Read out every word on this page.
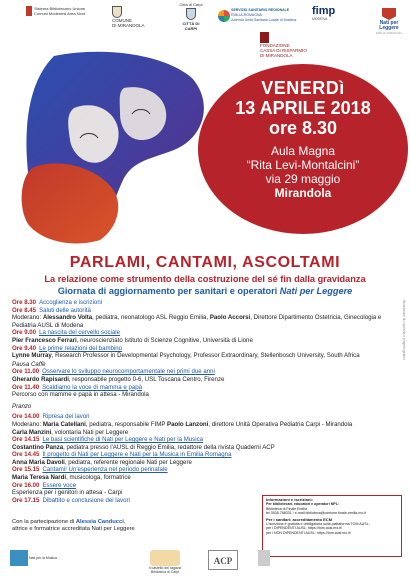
Sistema Bibliotecario Unione Comuni Modenesi Area Nord
COMUNE
DI MIRANDOLA
Città di Carpi
CITTÀ DI CARPI
SERVIZIO SANITARIO REGIONALE
EMILIA-ROMAGNA
Azienda Unità Sanitaria Locale di Modena
fimp
MODENA
Nati per
Leggere
EMILIA-ROMAGNA
FONDAZIONE
CASSA DI RISPARMIO
DI MIRANDOLA
VENERDì
13 APRILE 2018
ore 8.30
Aula Magna
“Rita Levi-Montalcini”
via 29 maggio
Mirandola
PARLAMI, CANTAMI, ASCOLTAMI
La relazione come strumento della costruzione del sé fin dalla gravidanza
Giornata di aggiornamento per sanitari e operatori Nati per Leggere
Ore 8.30 Accoglienza e iscrizioni
Ore 8.45 Saluti delle autorità
Moderano: Alessandro Volta, pediatra, neonatologo ASL Reggio Emilia, Paolo Accorsi, Direttore Dipartimento Ostetricia, Ginecologia e
Pediatria AUSL di Modena
Ore 9.00 La nascita del cervello sociale
Pier Francesco Ferrari, neuroscienziato Istituto di Scienze Cognitive, Università di Lione
Ore 9.40 Le prime relazioni del bambino
Lynne Murray, Research Professor in Developmental Psychology, Professor Extraordinary, Stellenbosch University, South Africa
Pausa Caffè
Ore 11.00 Osservare lo sviluppo neurocomportamentale nei primi due anni
Gherardo Rapisardi, responsabile progetto 0-6, USL Toscana Centro, Firenze
Ore 11.40 Scaldiamo la voce di mamma e papà
Percorso con mamme e papà in attesa - Mirandola
Pranzo
Ore 14.00 Ripresa dei lavori
Moderano: Maria Catellani, pediatra, responsabile FIMP Paolo Lanzoni, direttore Unità Operativa Pediatria Carpi - Mirandola
Carla Manzini, volontaria Nati per Leggere
Ore 14.15 Le basi scientifiche di Nati per Leggere e Nati per la Musica
Costantino Panza, pediatra presso l'AUSL di Reggio Emilia, redattore della rivista Quaderni ACP
Ore 14.45 Il progetto di Nati per Leggere e Nati per la Musica in Emilia Romagna
Anna Maria Davoli, pediatra, referente regionale Nati per Leggere
Ore 15.15 Cantami! Un'esperienza nel periodo perinatale
Maria Teresa Nardi, musicologa, formatrice
Ore 16.00 Essere voce
Esperienza per i genitori in attesa - Carpi
Ore 17.15 Dibattito e conclusione dei lavori
Con la partecipazione di Alessia Canducci,
attrice e formatrice accreditata Nati per Leggere
Informazioni e iscrizioni:
Per bibliotecari, educatori e operatori NPL:
Biblioteca di Finale Emilia
tel 0535.788331 / e-mail biblioteca@comune.finale-emilia.mo.it
Per i sanitari: accreditamento ECM
L'iscrizione è gratuita e obbligatoria sulla piattaforma TOM AUSL;
per i DIPENDENTI AUSL: https://tom.ausl.mo.it/
per i NON DIPENDENTI AUSL: https://tom.ausl.mo.it/
Nati per la Musica
Il castello dei ragazzi
Biblioteca di Carpi
ACP
Illustrazione di copertina e progetto grafico
